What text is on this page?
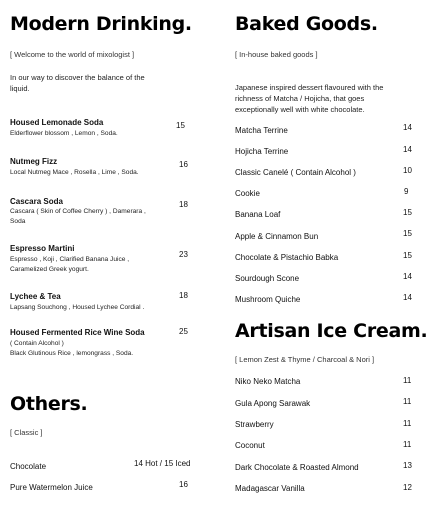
Modern Drinking.
[ Welcome to the world of mixologist ]
In our way to discover the balance of the liquid.
Housed Lemonade Soda
Elderflower blossom , Lemon , Soda.
15
Nutmeg Fizz
Local Nutmeg Mace , Rosella , Lime , Soda.
16
Cascara Soda
Cascara ( Skin of Coffee Cherry ) , Damerara , Soda
18
Espresso Martini
Espresso , Koji , Clarified Banana Juice , Caramelized Greek yogurt.
23
Lychee & Tea
Lapsang Souchong , Housed Lychee Cordial .
18
Housed Fermented Rice Wine Soda
( Contain Alcohol )
Black Glutinous Rice , lemongrass , Soda.
25
Others.
[ Classic ]
Chocolate	14 Hot / 15 Iced
Pure Watermelon Juice	16
Baked Goods.
[ In-house baked goods ]
Japanese inspired dessert flavoured with the richness of Matcha / Hojicha, that goes exceptionally well with white chocolate.
Matcha Terrine	14
Hojicha Terrine	14
Classic Canelé ( Contain Alcohol )	10
Cookie	9
Banana Loaf	15
Apple & Cinnamon Bun	15
Chocolate & Pistachio Babka	15
Sourdough Scone	14
Mushroom Quiche	14
Artisan Ice Cream.
[ Lemon Zest & Thyme / Charcoal & Nori ]
Niko Neko Matcha	11
Gula Apong Sarawak	11
Strawberry	11
Coconut	11
Dark Chocolate & Roasted Almond	13
Madagascar Vanilla	12
